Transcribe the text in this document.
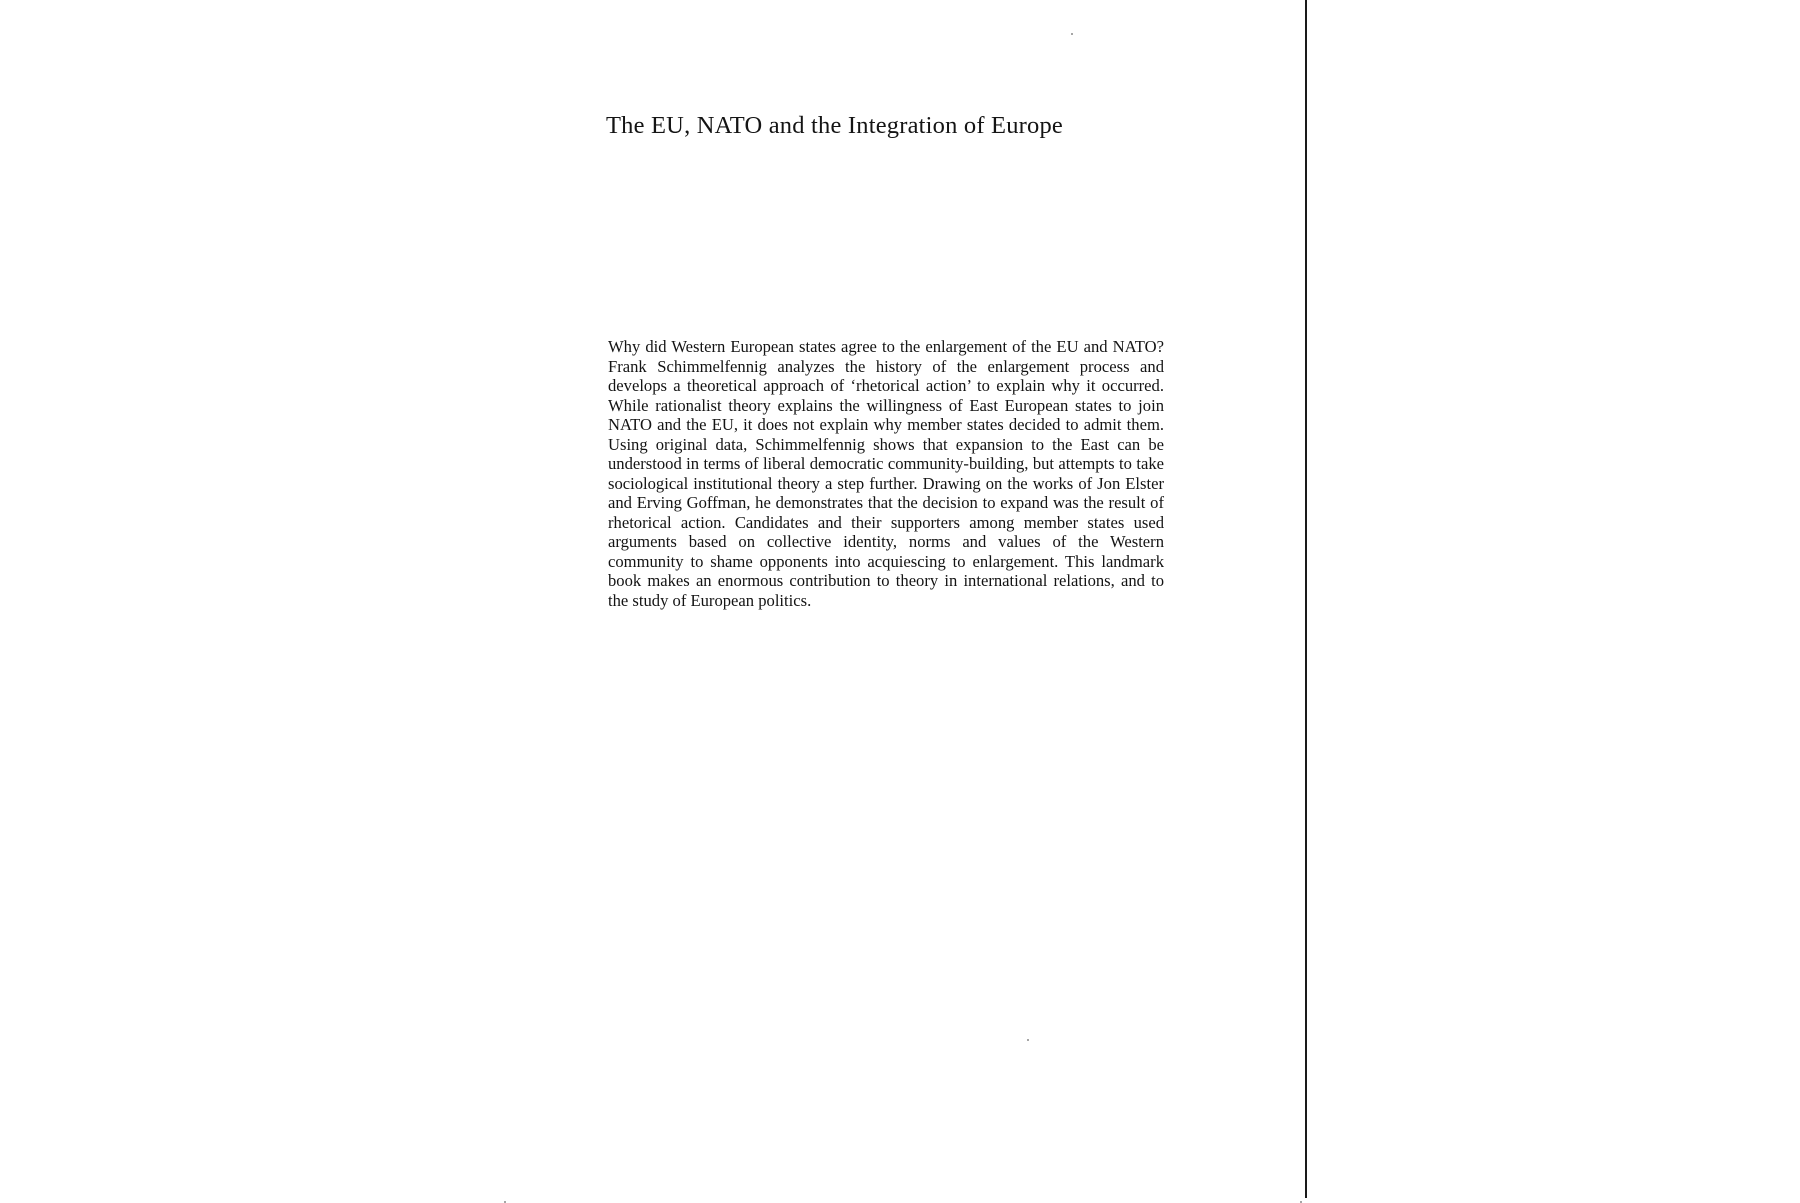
The EU, NATO and the Integration of Europe

Why did Western European states agree to the enlargement of the EU and NATO? Frank Schimmelfennig analyzes the history of the enlargement process and develops a theoretical approach of ‘rhetorical action’ to explain why it occurred. While rationalist theory explains the willingness of East European states to join NATO and the EU, it does not explain why member states decided to admit them. Using original data, Schimmelfennig shows that expansion to the East can be understood in terms of liberal democratic community-building, but attempts to take sociological institutional theory a step further. Drawing on the works of Jon Elster and Erving Goffman, he demonstrates that the decision to expand was the result of rhetorical action. Candidates and their supporters among member states used arguments based on collective identity, norms and values of the Western community to shame opponents into acquiescing to enlargement. This landmark book makes an enormous contribution to theory in international relations, and to the study of European politics.
